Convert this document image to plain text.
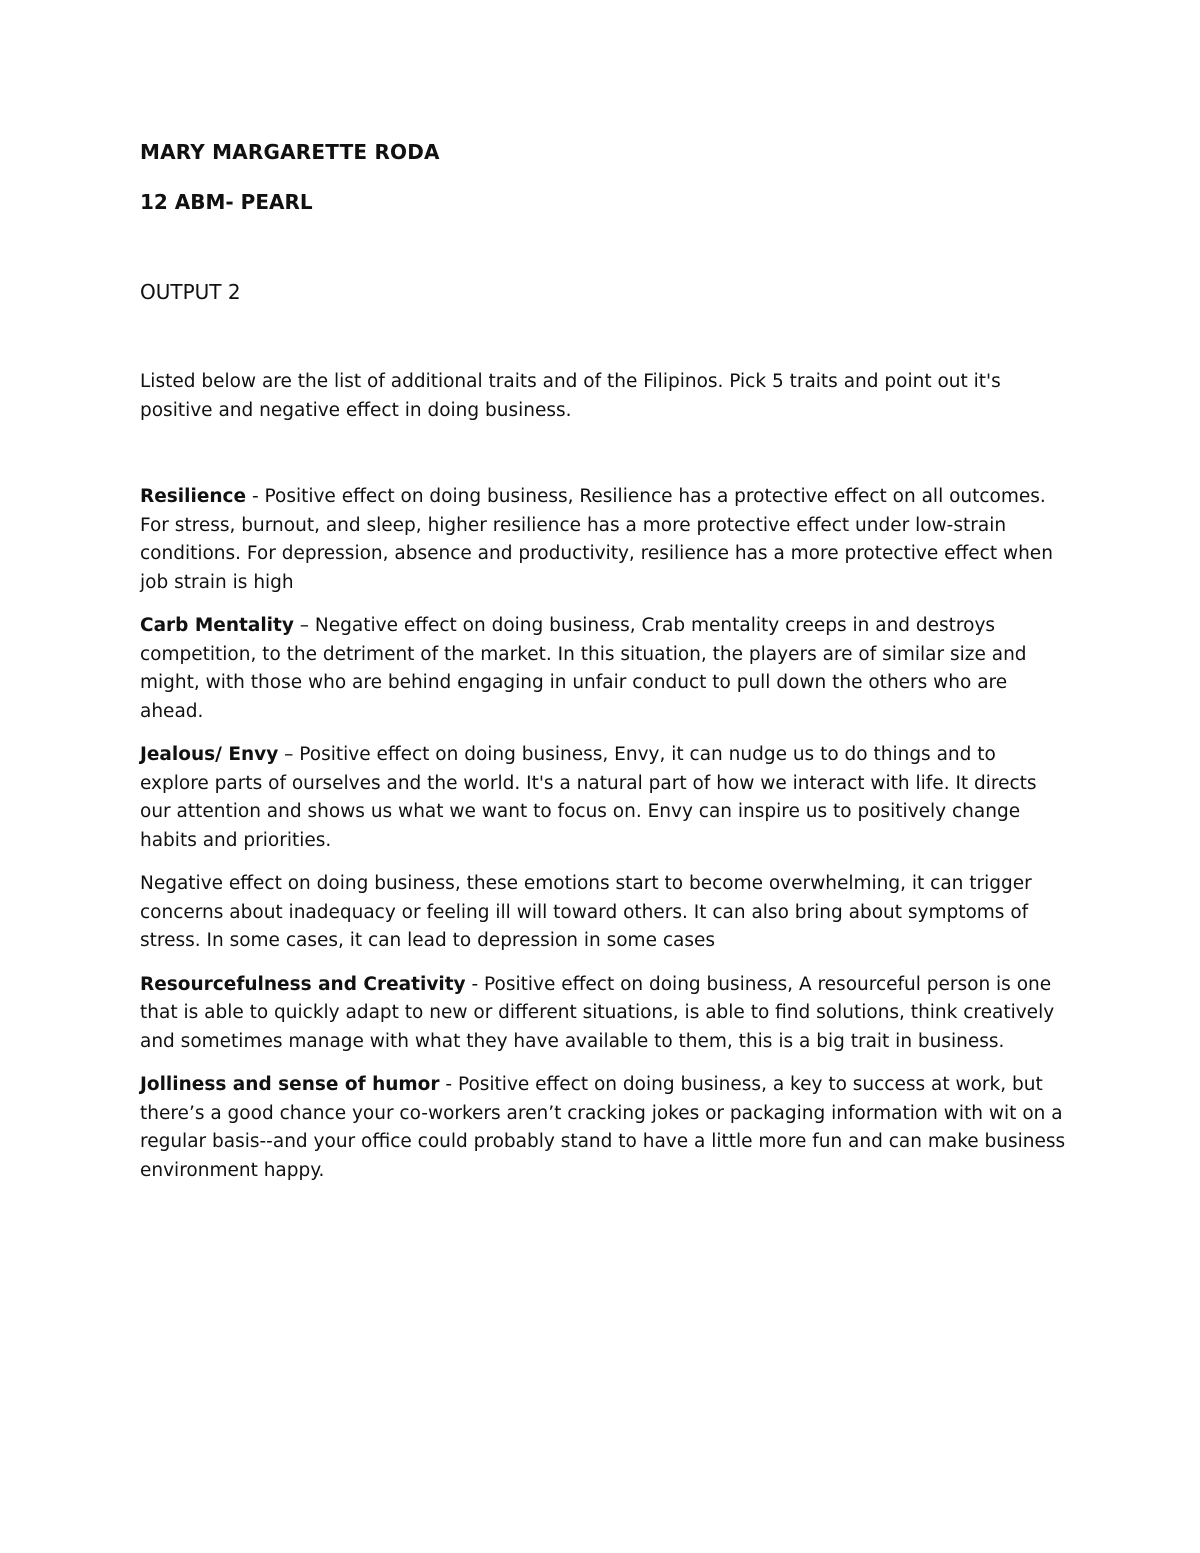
MARY MARGARETTE RODA

12 ABM- PEARL

OUTPUT 2

Listed below are the list of additional traits and of the Filipinos. Pick 5 traits and point out it's positive and negative effect in doing business.

Resilience - Positive effect on doing business, Resilience has a protective effect on all outcomes. For stress, burnout, and sleep, higher resilience has a more protective effect under low-strain conditions. For depression, absence and productivity, resilience has a more protective effect when job strain is high

Carb Mentality – Negative effect on doing business, Crab mentality creeps in and destroys competition, to the detriment of the market. In this situation, the players are of similar size and might, with those who are behind engaging in unfair conduct to pull down the others who are ahead.

Jealous/ Envy – Positive effect on doing business, Envy, it can nudge us to do things and to explore parts of ourselves and the world. It's a natural part of how we interact with life. It directs our attention and shows us what we want to focus on. Envy can inspire us to positively change habits and priorities.

Negative effect on doing business, these emotions start to become overwhelming, it can trigger concerns about inadequacy or feeling ill will toward others. It can also bring about symptoms of stress. In some cases, it can lead to depression in some cases

Resourcefulness and Creativity - Positive effect on doing business, A resourceful person is one that is able to quickly adapt to new or different situations, is able to find solutions, think creatively and sometimes manage with what they have available to them, this is a big trait in business.

Jolliness and sense of humor - Positive effect on doing business, a key to success at work, but there’s a good chance your co-workers aren’t cracking jokes or packaging information with wit on a regular basis--and your office could probably stand to have a little more fun and can make business environment happy.
